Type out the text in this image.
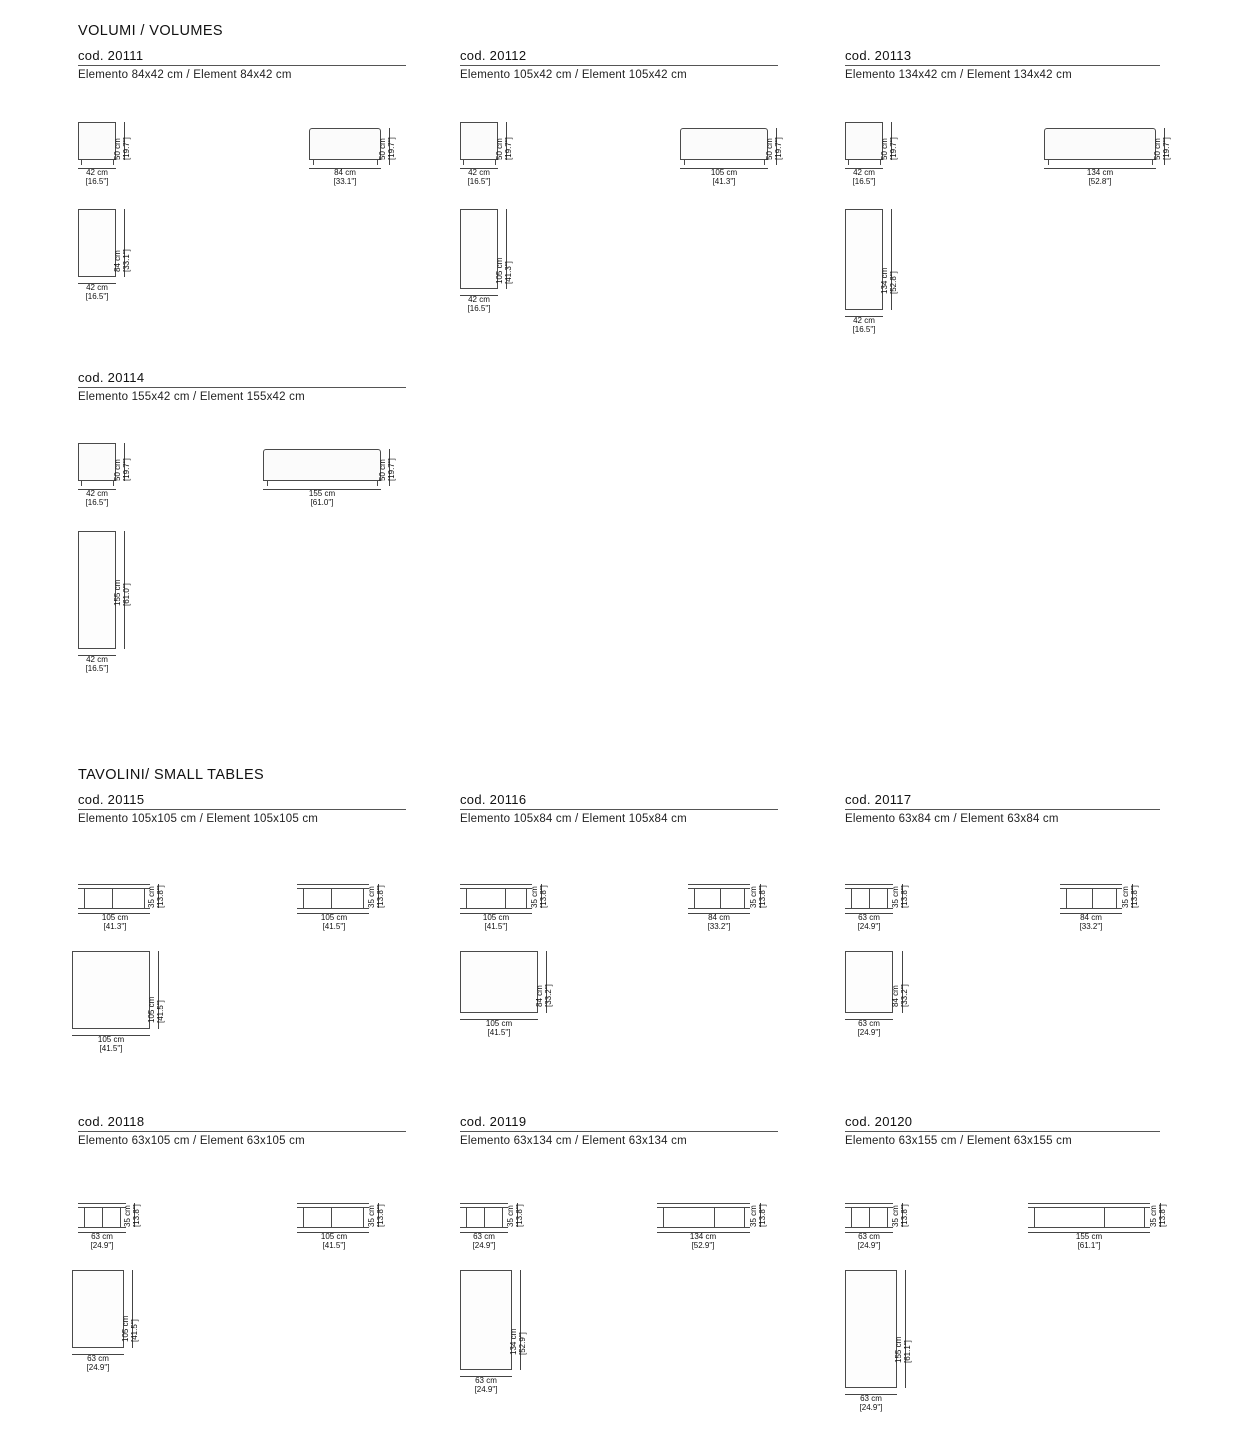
VOLUMI / VOLUMES
cod. 20111
Elemento 84x42 cm / Element 84x42 cm
42 cm
[16.5"]
50 cm
[19.7"]
84 cm
[33.1"]
50 cm
[19.7"]
42 cm
[16.5"]
84 cm
[33.1"]
cod. 20112
Elemento 105x42 cm / Element 105x42 cm
42 cm
[16.5"]
50 cm
[19.7"]
105 cm
[41.3"]
50 cm
[19.7"]
42 cm
[16.5"]
105 cm
[41.3"]
cod. 20113
Elemento 134x42 cm / Element 134x42 cm
42 cm
[16.5"]
50 cm
[19.7"]
134 cm
[52.8"]
50 cm
[19.7"]
42 cm
[16.5"]
134 cm
[52.8"]
cod. 20114
Elemento 155x42 cm / Element 155x42 cm
42 cm
[16.5"]
50 cm
[19.7"]
155 cm
[61.0"]
50 cm
[19.7"]
42 cm
[16.5"]
155 cm
[61.0"]
TAVOLINI/ SMALL TABLES
cod. 20115
Elemento 105x105 cm / Element 105x105 cm
105 cm
[41.3"]
35 cm
[13.8"]
105 cm
[41.5"]
35 cm
[13.8"]
105 cm
[41.5"]
105 cm
[41.5"]
cod. 20116
Elemento 105x84 cm / Element 105x84 cm
105 cm
[41.5"]
35 cm
[13.8"]
84 cm
[33.2"]
35 cm
[13.8"]
105 cm
[41.5"]
84 cm
[33.2"]
cod. 20117
Elemento 63x84 cm / Element 63x84 cm
63 cm
[24.9"]
35 cm
[13.8"]
84 cm
[33.2"]
35 cm
[13.8"]
63 cm
[24.9"]
84 cm
[33.2"]
cod. 20118
Elemento 63x105 cm / Element 63x105 cm
63 cm
[24.9"]
35 cm
[13.8"]
105 cm
[41.5"]
35 cm
[13.8"]
63 cm
[24.9"]
105 cm
[41.5"]
cod. 20119
Elemento 63x134 cm / Element 63x134 cm
63 cm
[24.9"]
35 cm
[13.8"]
134 cm
[52.9"]
35 cm
[13.8"]
63 cm
[24.9"]
134 cm
[52.9"]
cod. 20120
Elemento 63x155 cm / Element 63x155 cm
63 cm
[24.9"]
35 cm
[13.8"]
155 cm
[61.1"]
35 cm
[13.8"]
63 cm
[24.9"]
155 cm
[61.1"]
